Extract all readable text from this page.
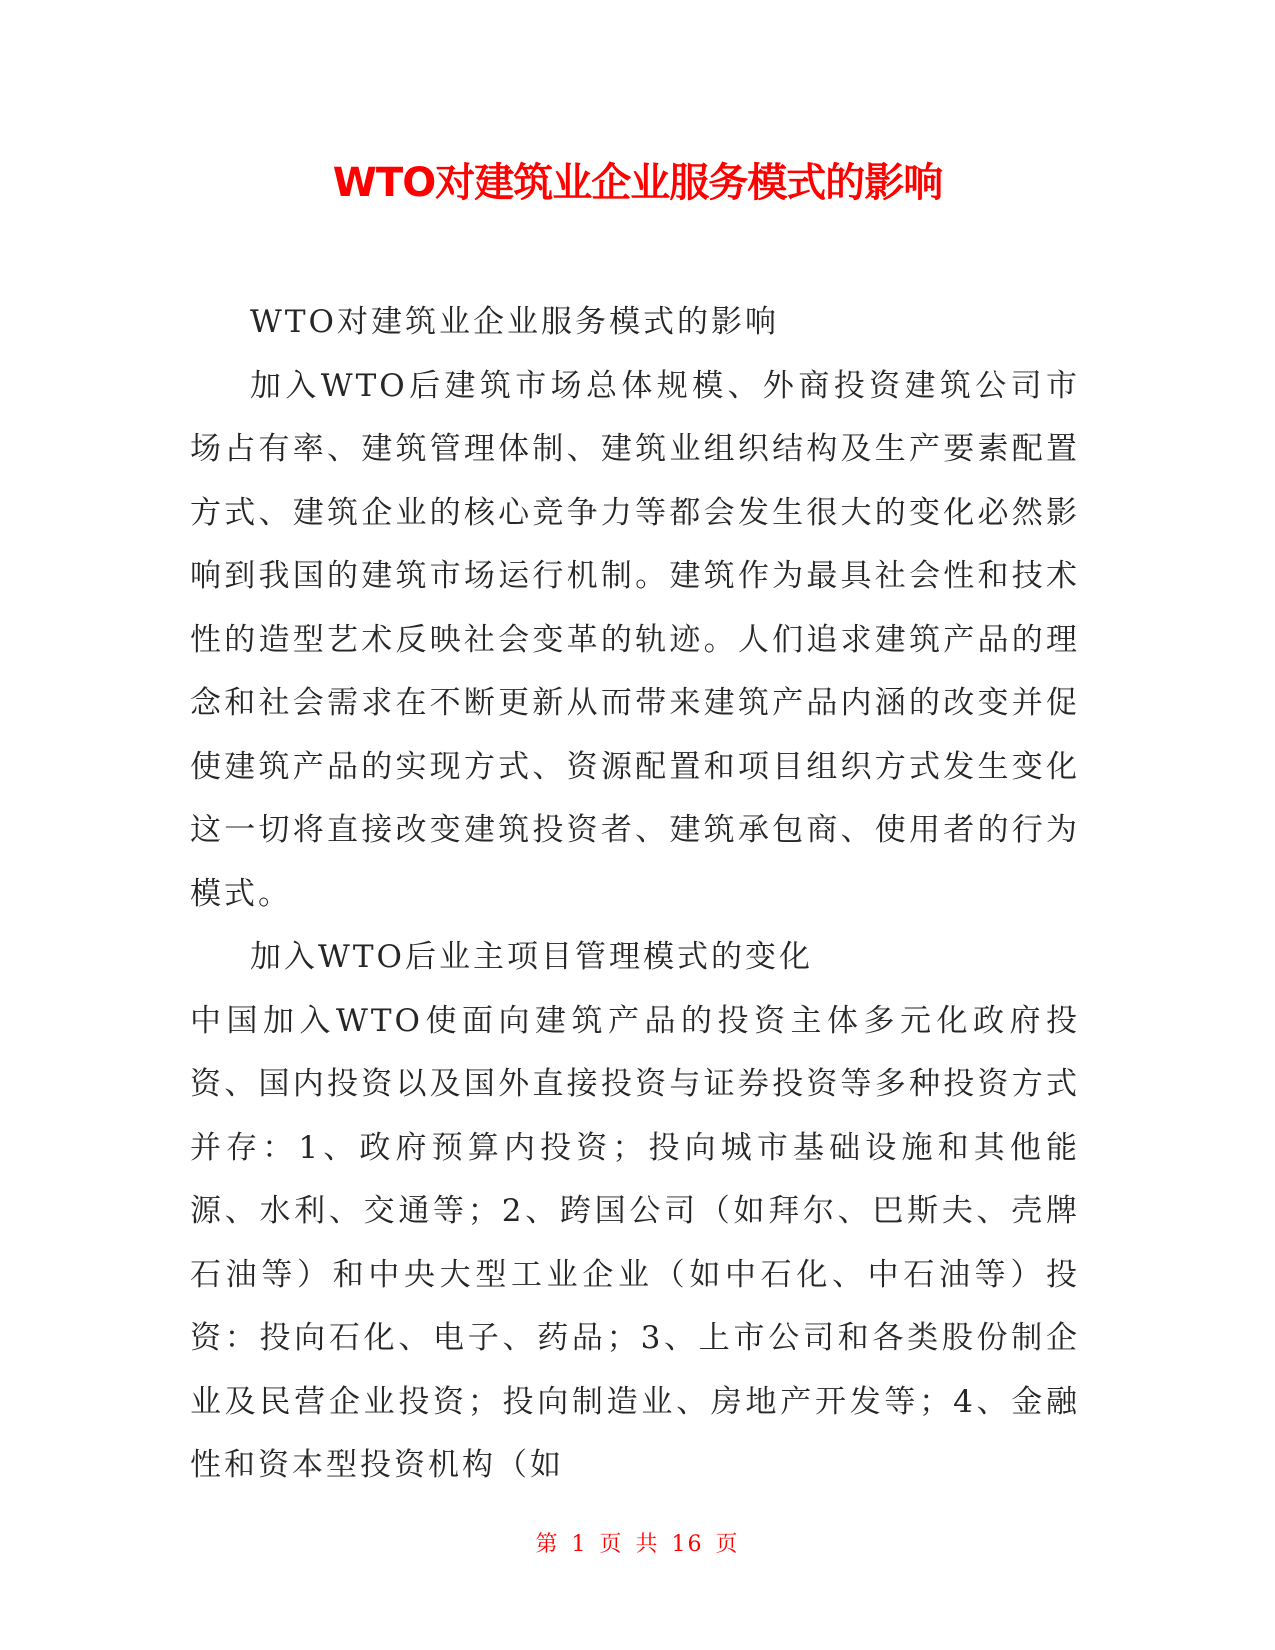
WTO对建筑业企业服务模式的影响

WTO对建筑业企业服务模式的影响

加入WTO后建筑市场总体规模、外商投资建筑公司市场占有率、建筑管理体制、建筑业组织结构及生产要素配置方式、建筑企业的核心竞争力等都会发生很大的变化必然影响到我国的建筑市场运行机制。建筑作为最具社会性和技术性的造型艺术反映社会变革的轨迹。人们追求建筑产品的理念和社会需求在不断更新从而带来建筑产品内涵的改变并促使建筑产品的实现方式、资源配置和项目组织方式发生变化这一切将直接改变建筑投资者、建筑承包商、使用者的行为模式。

加入WTO后业主项目管理模式的变化

中国加入WTO使面向建筑产品的投资主体多元化政府投资、国内投资以及国外直接投资与证券投资等多种投资方式并存：1、政府预算内投资；投向城市基础设施和其他能源、水利、交通等；2、跨国公司（如拜尔、巴斯夫、壳牌石油等）和中央大型工业企业（如中石化、中石油等）投资：投向石化、电子、药品；3、上市公司和各类股份制企业及民营企业投资；投向制造业、房地产开发等；4、金融性和资本型投资机构（如

第 1 页 共 16 页
